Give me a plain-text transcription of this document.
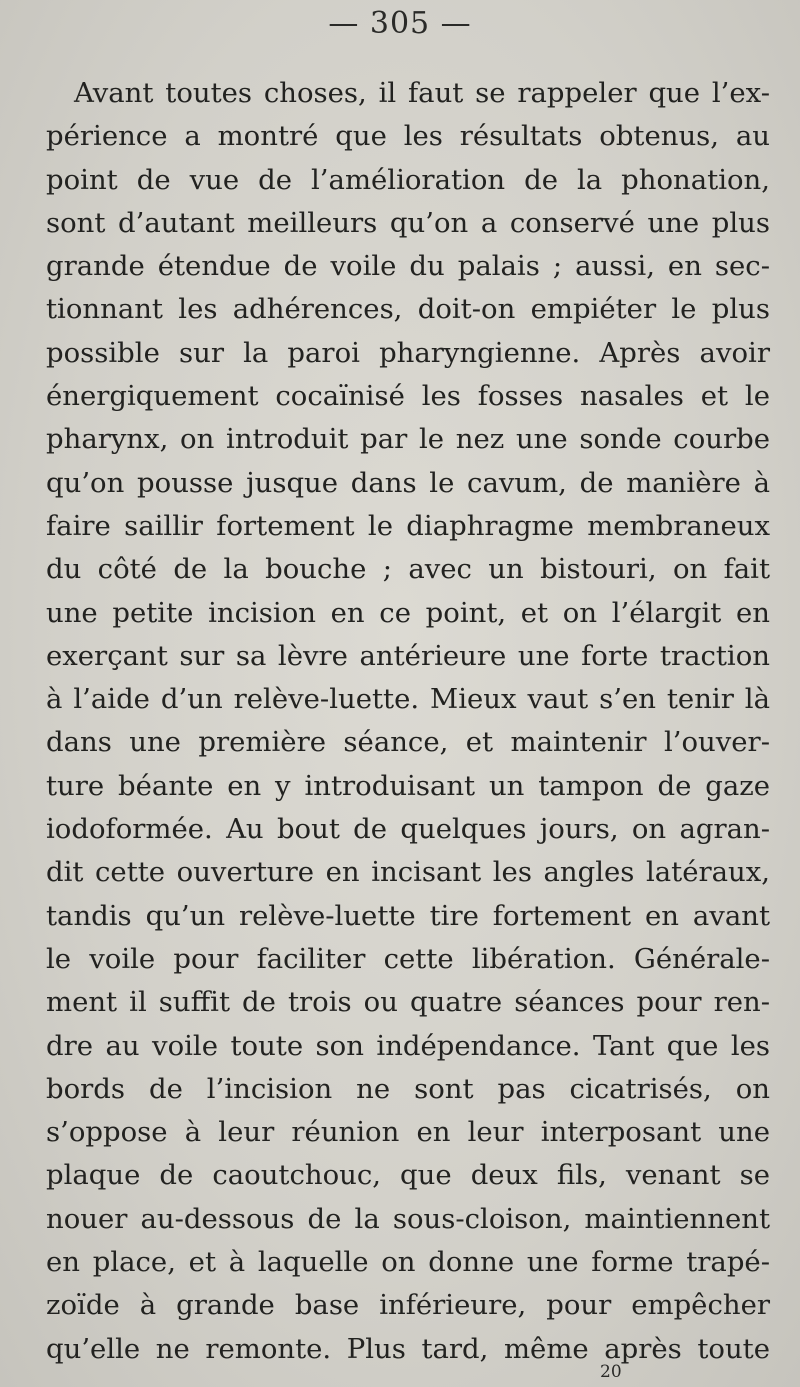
— 305 —
Avant toutes choses, il faut se rappeler que l’ex-
périence a montré que les résultats obtenus, au
point de vue de l’amélioration de la phonation,
sont d’autant meilleurs qu’on a conservé une plus
grande étendue de voile du palais ; aussi, en sec-
tionnant les adhérences, doit-on empiéter le plus
possible sur la paroi pharyngienne. Après avoir
énergiquement cocaïnisé les fosses nasales et le
pharynx, on introduit par le nez une sonde courbe
qu’on pousse jusque dans le cavum, de manière à
faire saillir fortement le diaphragme membraneux
du côté de la bouche ; avec un bistouri, on fait
une petite incision en ce point, et on l’élargit en
exerçant sur sa lèvre antérieure une forte traction
à l’aide d’un relève-luette. Mieux vaut s’en tenir là
dans une première séance, et maintenir l’ouver-
ture béante en y introduisant un tampon de gaze
iodoformée. Au bout de quelques jours, on agran-
dit cette ouverture en incisant les angles latéraux,
tandis qu’un relève-luette tire fortement en avant
le voile pour faciliter cette libération. Générale-
ment il suffit de trois ou quatre séances pour ren-
dre au voile toute son indépendance. Tant que les
bords de l’incision ne sont pas cicatrisés, on
s’oppose à leur réunion en leur interposant une
plaque de caoutchouc, que deux fils, venant se
nouer au-dessous de la sous-cloison, maintiennent
en place, et à laquelle on donne une forme trapé-
zoïde à grande base inférieure, pour empêcher
qu’elle ne remonte. Plus tard, même après toute
20
